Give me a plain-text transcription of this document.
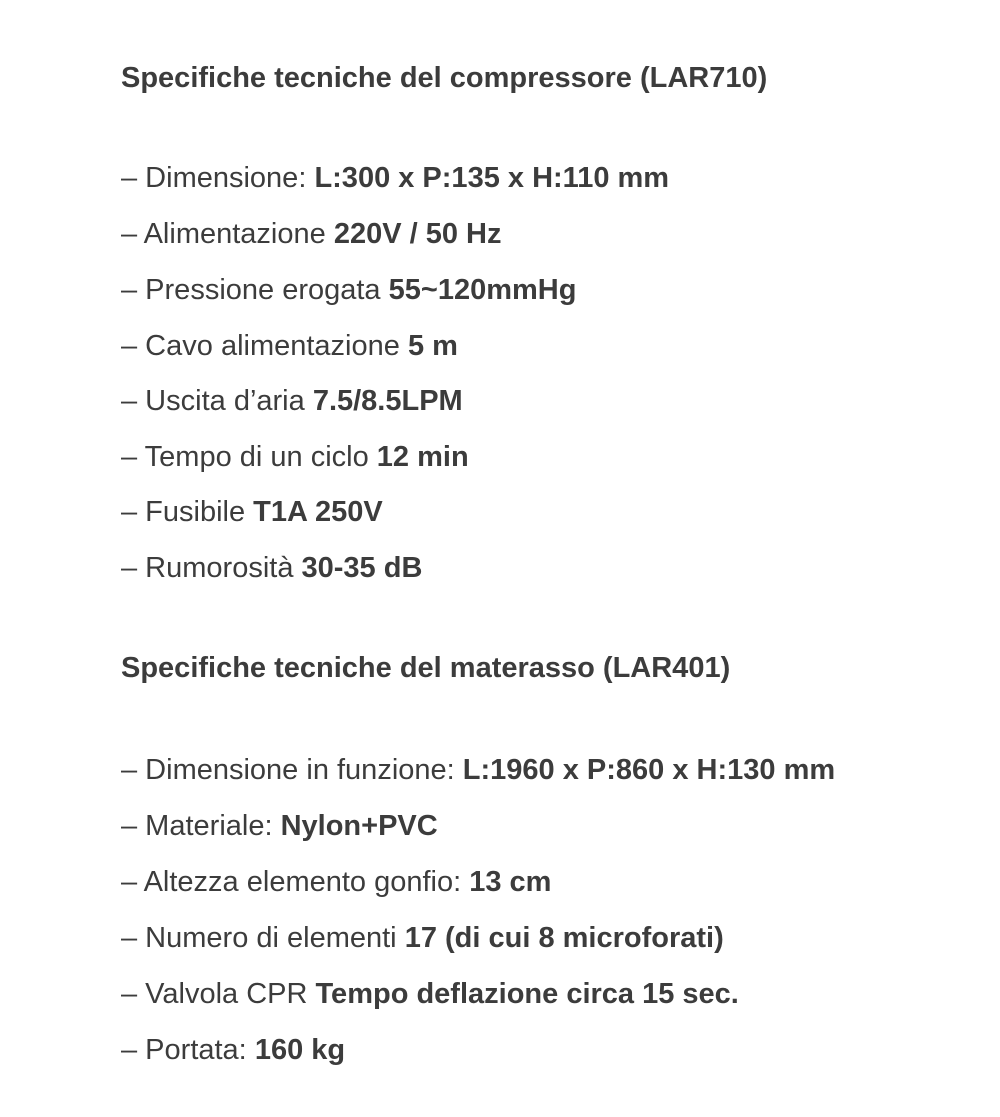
Specifiche tecniche del compressore (LAR710)
– Dimensione: L:300 x P:135 x H:110 mm
– Alimentazione 220V / 50 Hz
– Pressione erogata 55~120mmHg
– Cavo alimentazione 5 m
– Uscita d’aria 7.5/8.5LPM
– Tempo di un ciclo 12 min
– Fusibile T1A 250V
– Rumorosità 30-35 dB
Specifiche tecniche del materasso (LAR401)
– Dimensione in funzione: L:1960 x P:860 x H:130 mm
– Materiale: Nylon+PVC
– Altezza elemento gonfio: 13 cm
– Numero di elementi 17 (di cui 8 microforati)
– Valvola CPR Tempo deflazione circa 15 sec.
– Portata: 160 kg
